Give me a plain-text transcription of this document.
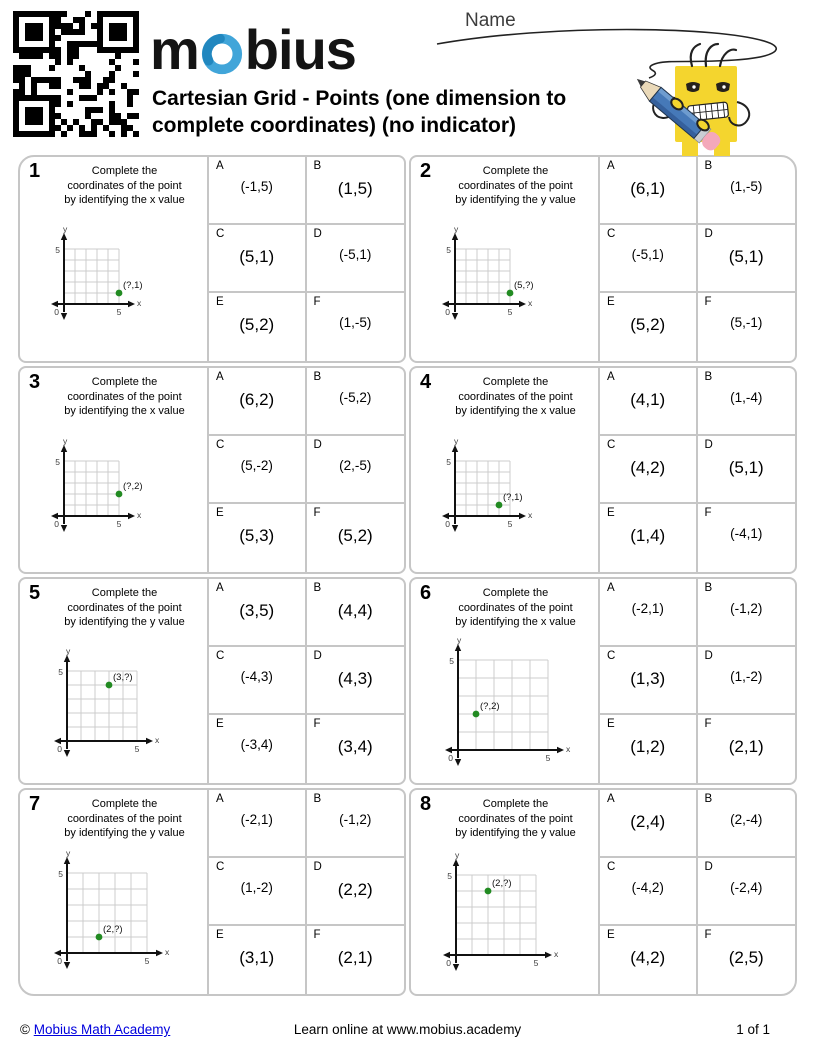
m bius
Cartesian Grid - Points (one dimension to
complete coordinates) (no indicator)
Name
1	Complete the
coordinates of the point
by identifying the x value
y
5
x
5
0
(?,1)
A
(-1,5)
B
(1,5)
C
(5,1)
D
(-5,1)
E
(5,2)
F
(1,-5)
2	Complete the
coordinates of the point
by identifying the y value
y
5
x
5
0
(5,?)
A
(6,1)
B
(1,-5)
C
(-5,1)
D
(5,1)
E
(5,2)
F
(5,-1)
3	Complete the
coordinates of the point
by identifying the x value
y
5
x
5
0
(?,2)
A
(6,2)
B
(-5,2)
C
(5,-2)
D
(2,-5)
E
(5,3)
F
(5,2)
4	Complete the
coordinates of the point
by identifying the x value
y
5
x
5
0
(?,1)
A
(4,1)
B
(1,-4)
C
(4,2)
D
(5,1)
E
(1,4)
F
(-4,1)
5	Complete the
coordinates of the point
by identifying the y value
y
5
x
5
0
(3,?)
A
(3,5)
B
(4,4)
C
(-4,3)
D
(4,3)
E
(-3,4)
F
(3,4)
6	Complete the
coordinates of the point
by identifying the x value
y
5
x
5
0
(?,2)
A
(-2,1)
B
(-1,2)
C
(1,3)
D
(1,-2)
E
(1,2)
F
(2,1)
7	Complete the
coordinates of the point
by identifying the y value
y
5
x
5
0
(2,?)
A
(-2,1)
B
(-1,2)
C
(1,-2)
D
(2,2)
E
(3,1)
F
(2,1)
8	Complete the
coordinates of the point
by identifying the y value
y
5
x
5
0
(2,?)
A
(2,4)
B
(2,-4)
C
(-4,2)
D
(-2,4)
E
(4,2)
F
(2,5)
© Mobius Math Academy	Learn online at www.mobius.academy	1 of 1
